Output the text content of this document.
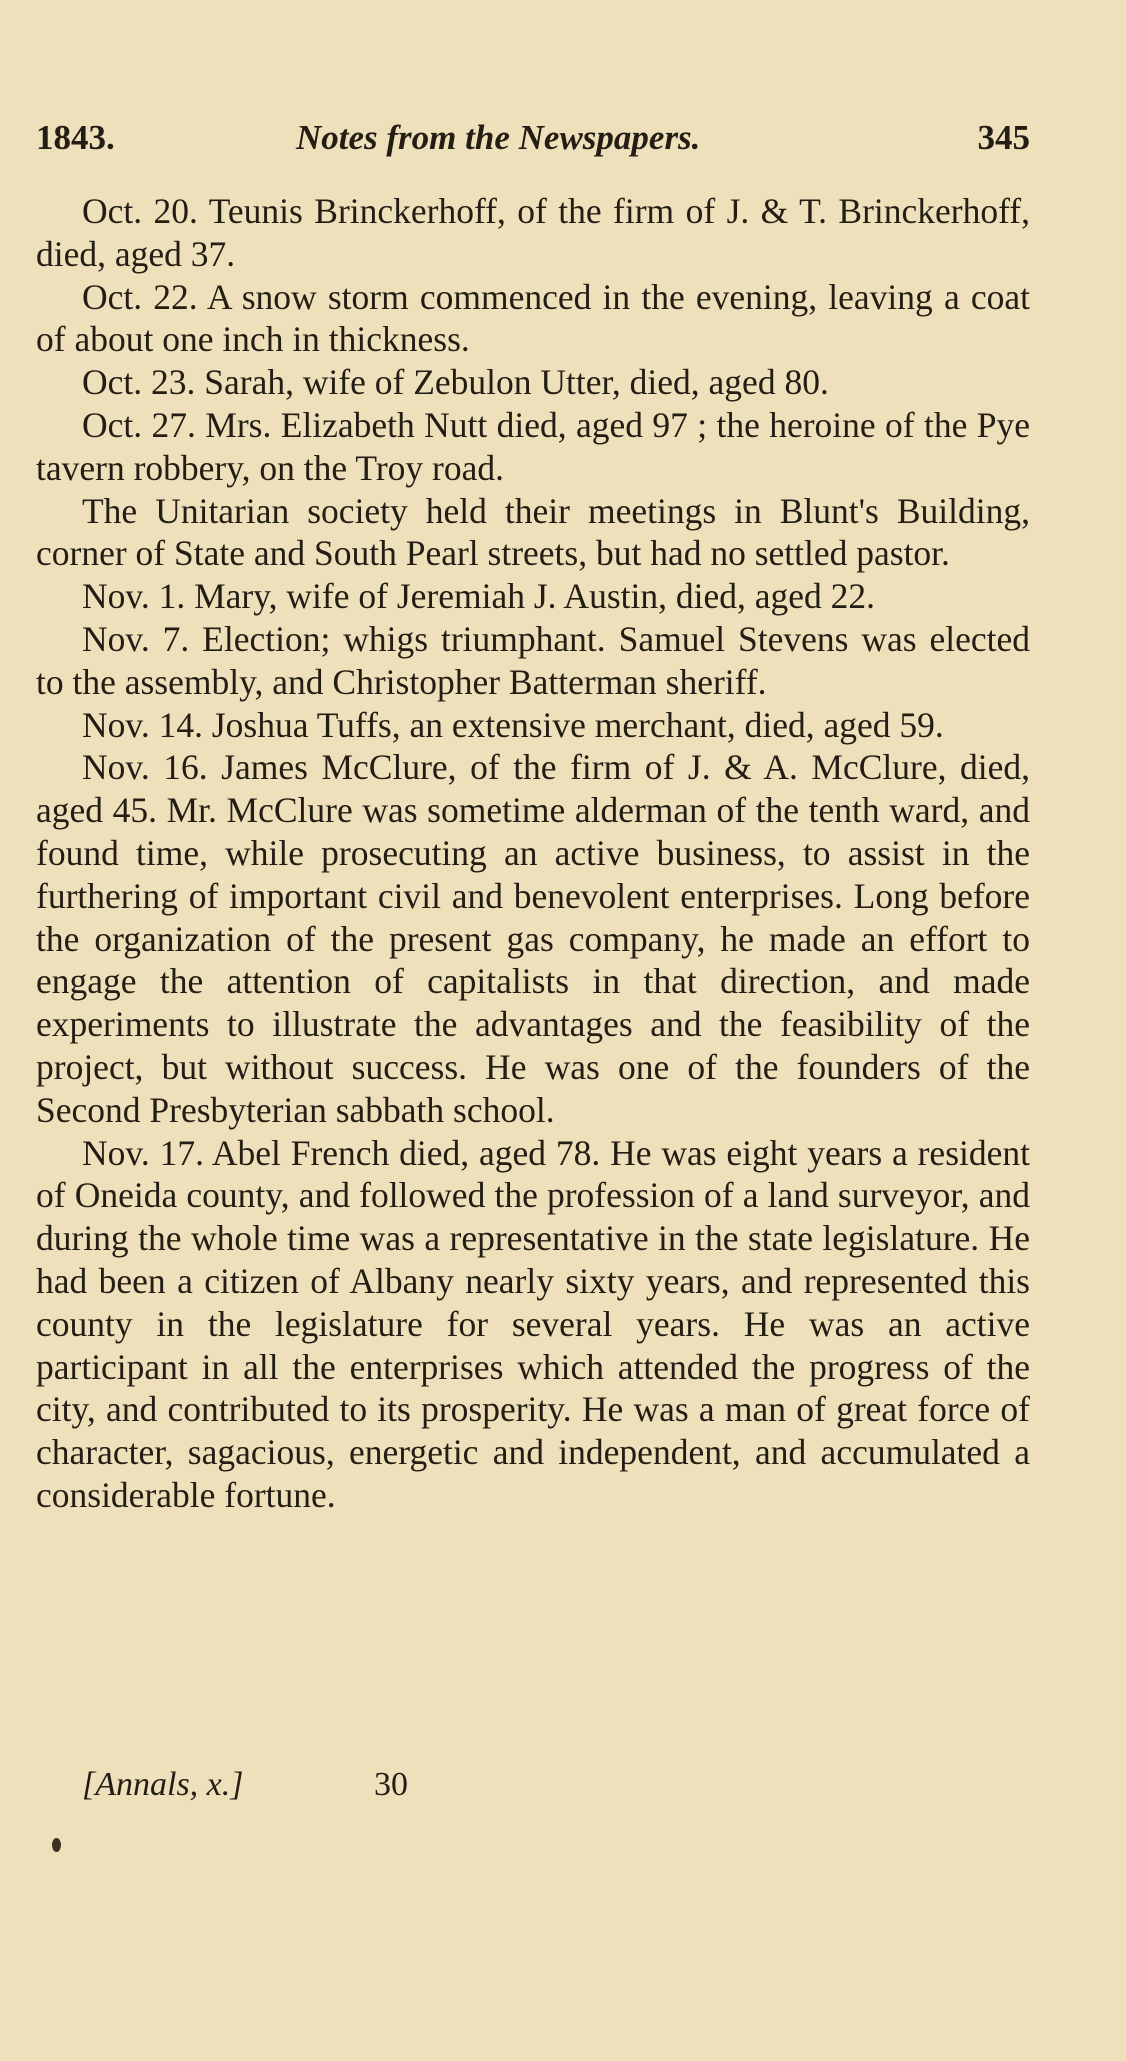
1843.	Notes from the Newspapers.	345

Oct. 20. Teunis Brinckerhoff, of the firm of J. & T. Brinckerhoff, died, aged 37.

Oct. 22. A snow storm commenced in the evening, leaving a coat of about one inch in thickness.

Oct. 23. Sarah, wife of Zebulon Utter, died, aged 80.

Oct. 27. Mrs. Elizabeth Nutt died, aged 97 ; the heroine of the Pye tavern robbery, on the Troy road.

The Unitarian society held their meetings in Blunt's Building, corner of State and South Pearl streets, but had no settled pastor.

Nov. 1. Mary, wife of Jeremiah J. Austin, died, aged 22.

Nov. 7. Election; whigs triumphant. Samuel Stevens was elected to the assembly, and Christopher Batterman sheriff.

Nov. 14. Joshua Tuffs, an extensive merchant, died, aged 59.

Nov. 16. James McClure, of the firm of J. & A. McClure, died, aged 45. Mr. McClure was sometime alderman of the tenth ward, and found time, while prosecuting an active business, to assist in the furthering of important civil and benevolent enterprises. Long before the organization of the present gas company, he made an effort to engage the attention of capitalists in that direction, and made experiments to illustrate the advantages and the feasibility of the project, but without success. He was one of the founders of the Second Presbyterian sabbath school.

Nov. 17. Abel French died, aged 78. He was eight years a resident of Oneida county, and followed the profession of a land surveyor, and during the whole time was a representative in the state legislature. He had been a citizen of Albany nearly sixty years, and represented this county in the legislature for several years. He was an active participant in all the enterprises which attended the progress of the city, and contributed to its prosperity. He was a man of great force of character, sagacious, energetic and independent, and accumulated a considerable fortune.

[Annals, x.]	30
